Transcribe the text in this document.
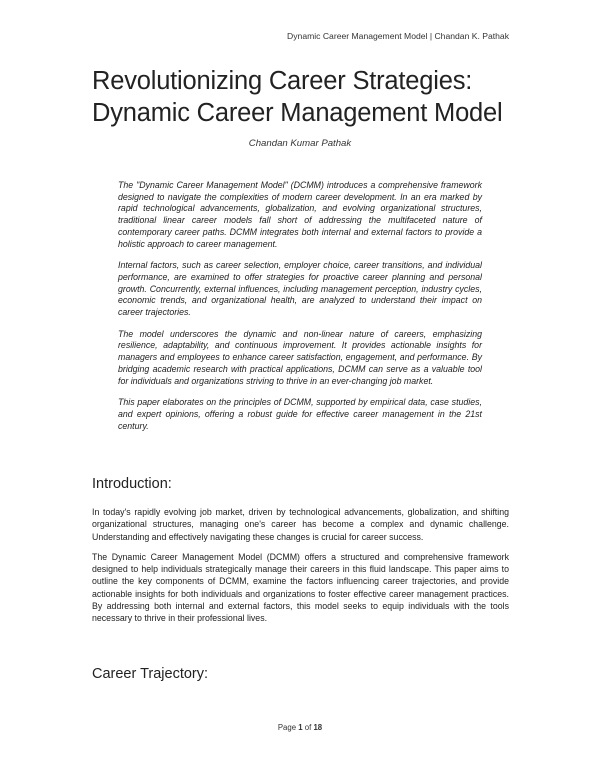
Dynamic Career Management Model | Chandan K. Pathak
Revolutionizing Career Strategies:
Dynamic Career Management Model
Chandan Kumar Pathak

The "Dynamic Career Management Model" (DCMM) introduces a comprehensive framework designed to navigate the complexities of modern career development. In an era marked by rapid technological advancements, globalization, and evolving organizational structures, traditional linear career models fall short of addressing the multifaceted nature of contemporary career paths. DCMM integrates both internal and external factors to provide a holistic approach to career management.

Internal factors, such as career selection, employer choice, career transitions, and individual performance, are examined to offer strategies for proactive career planning and personal growth. Concurrently, external influences, including management perception, industry cycles, economic trends, and organizational health, are analyzed to understand their impact on career trajectories.

The model underscores the dynamic and non-linear nature of careers, emphasizing resilience, adaptability, and continuous improvement. It provides actionable insights for managers and employees to enhance career satisfaction, engagement, and performance. By bridging academic research with practical applications, DCMM can serve as a valuable tool for individuals and organizations striving to thrive in an ever-changing job market.

This paper elaborates on the principles of DCMM, supported by empirical data, case studies, and expert opinions, offering a robust guide for effective career management in the 21st century.

Introduction:

In today's rapidly evolving job market, driven by technological advancements, globalization, and shifting organizational structures, managing one's career has become a complex and dynamic challenge. Understanding and effectively navigating these changes is crucial for career success.

The Dynamic Career Management Model (DCMM) offers a structured and comprehensive framework designed to help individuals strategically manage their careers in this fluid landscape. This paper aims to outline the key components of DCMM, examine the factors influencing career trajectories, and provide actionable insights for both individuals and organizations to foster effective career management practices. By addressing both internal and external factors, this model seeks to equip individuals with the tools necessary to thrive in their professional lives.

Career Trajectory:
Page 1 of 18
